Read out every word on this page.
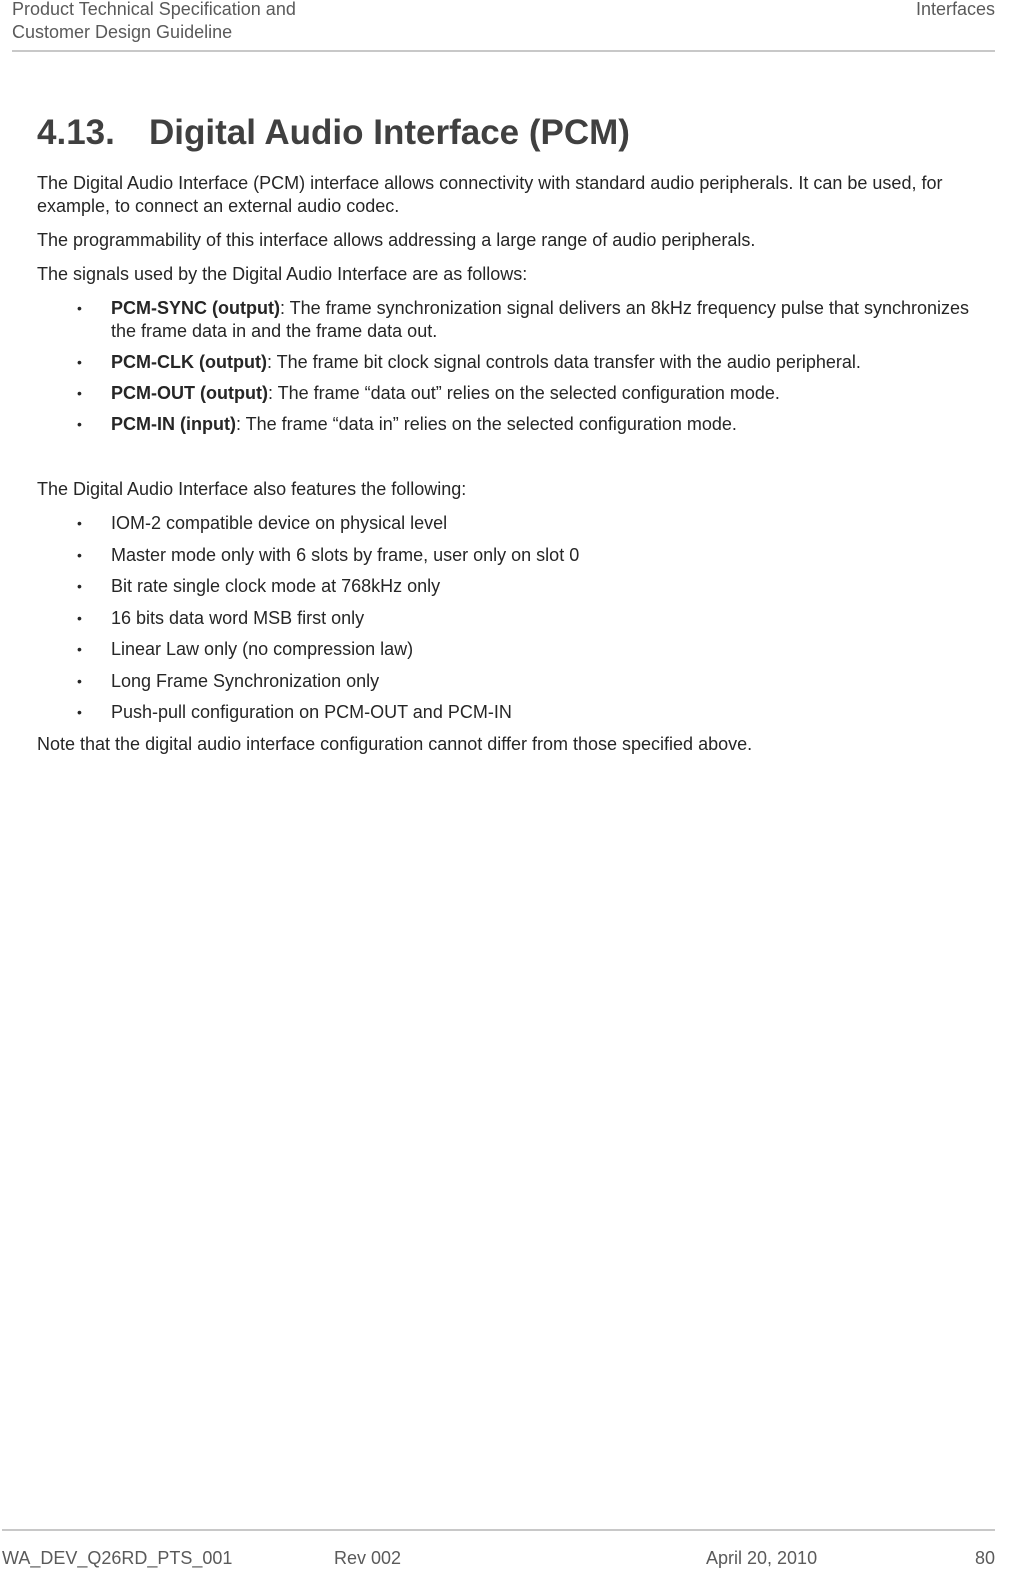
Product Technical Specification and
Customer Design Guideline
Interfaces
4.13. Digital Audio Interface (PCM)

The Digital Audio Interface (PCM) interface allows connectivity with standard audio peripherals. It can be used, for example, to connect an external audio codec.

The programmability of this interface allows addressing a large range of audio peripherals.

The signals used by the Digital Audio Interface are as follows:

• PCM-SYNC (output): The frame synchronization signal delivers an 8kHz frequency pulse that synchronizes the frame data in and the frame data out.
• PCM-CLK (output): The frame bit clock signal controls data transfer with the audio peripheral.
• PCM-OUT (output): The frame “data out” relies on the selected configuration mode.
• PCM-IN (input): The frame “data in” relies on the selected configuration mode.

The Digital Audio Interface also features the following:

• IOM-2 compatible device on physical level
• Master mode only with 6 slots by frame, user only on slot 0
• Bit rate single clock mode at 768kHz only
• 16 bits data word MSB first only
• Linear Law only (no compression law)
• Long Frame Synchronization only
• Push-pull configuration on PCM-OUT and PCM-IN

Note that the digital audio interface configuration cannot differ from those specified above.

WA_DEV_Q26RD_PTS_001	Rev 002	April 20, 2010	80
